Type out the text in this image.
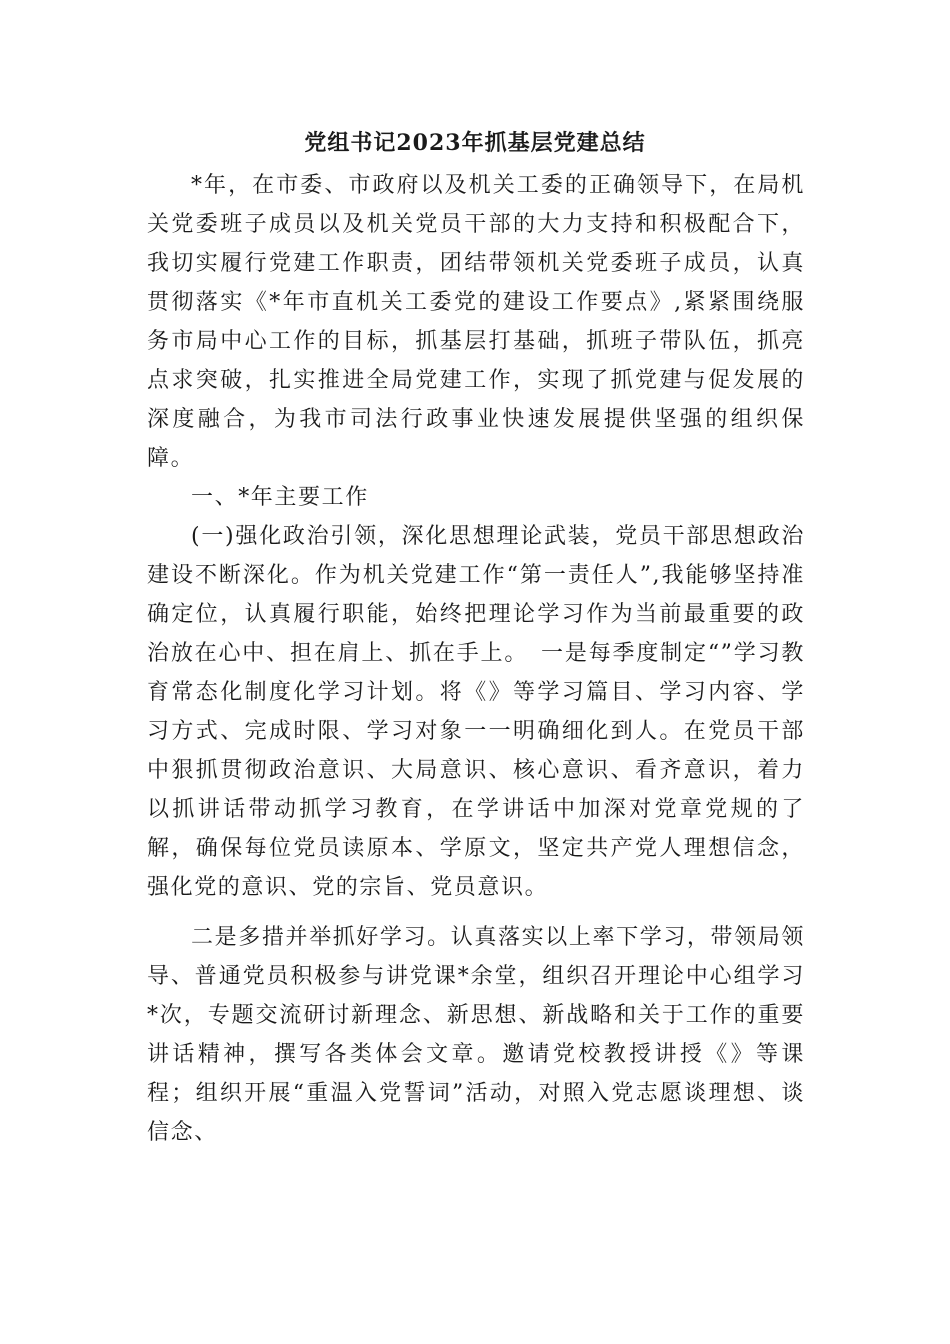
党组书记2023年抓基层党建总结

*年，在市委、市政府以及机关工委的正确领导下，在局机关党委班子成员以及机关党员干部的大力支持和积极配合下，我切实履行党建工作职责，团结带领机关党委班子成员，认真贯彻落实《*年市直机关工委党的建设工作要点》,紧紧围绕服务市局中心工作的目标，抓基层打基础，抓班子带队伍，抓亮点求突破，扎实推进全局党建工作，实现了抓党建与促发展的深度融合，为我市司法行政事业快速发展提供坚强的组织保障。

一、*年主要工作

(一)强化政治引领，深化思想理论武装，党员干部思想政治建设不断深化。作为机关党建工作“第一责任人”,我能够坚持准确定位，认真履行职能，始终把理论学习作为当前最重要的政治放在心中、担在肩上、抓在手上。　一是每季度制定“”学习教育常态化制度化学习计划。将《》等学习篇目、学习内容、学习方式、完成时限、学习对象一一明确细化到人。在党员干部中狠抓贯彻政治意识、大局意识、核心意识、看齐意识，着力以抓讲话带动抓学习教育，在学讲话中加深对党章党规的了解，确保每位党员读原本、学原文，坚定共产党人理想信念，强化党的意识、党的宗旨、党员意识。

二是多措并举抓好学习。认真落实以上率下学习，带领局领导、普通党员积极参与讲党课*余堂，组织召开理论中心组学习*次，专题交流研讨新理念、新思想、新战略和关于工作的重要讲话精神，撰写各类体会文章。邀请党校教授讲授《》等课程；组织开展“重温入党誓词”活动，对照入党志愿谈理想、谈信念、
